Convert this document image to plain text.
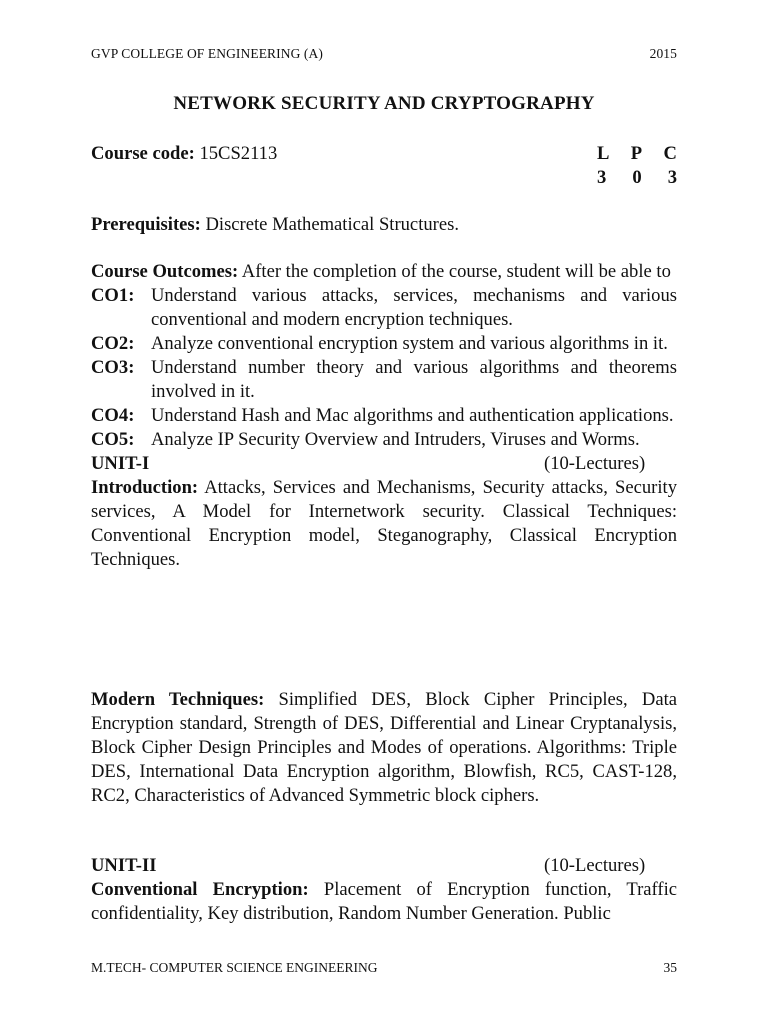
GVP COLLEGE OF ENGINEERING (A)	2015
NETWORK SECURITY AND CRYPTOGRAPHY
Course code: 15CS2113	L P C
3 0 3
Prerequisites: Discrete Mathematical Structures.
Course Outcomes: After the completion of the course, student will be able to
CO1: Understand various attacks, services, mechanisms and various conventional and modern encryption techniques.
CO2: Analyze conventional encryption system and various algorithms in it.
CO3: Understand number theory and various algorithms and theorems involved in it.
CO4: Understand Hash and Mac algorithms and authentication applications.
CO5: Analyze IP Security Overview and Intruders, Viruses and Worms.
UNIT-I	(10-Lectures)
Introduction: Attacks, Services and Mechanisms, Security attacks, Security services, A Model for Internetwork security. Classical Techniques: Conventional Encryption model, Steganography, Classical Encryption Techniques.
Modern Techniques: Simplified DES, Block Cipher Principles, Data Encryption standard, Strength of DES, Differential and Linear Cryptanalysis, Block Cipher Design Principles and Modes of operations. Algorithms: Triple DES, International Data Encryption algorithm, Blowfish, RC5, CAST-128, RC2, Characteristics of Advanced Symmetric block ciphers.
UNIT-II	(10-Lectures)
Conventional Encryption: Placement of Encryption function, Traffic confidentiality, Key distribution, Random Number Generation. Public
M.TECH- COMPUTER SCIENCE ENGINEERING	35
